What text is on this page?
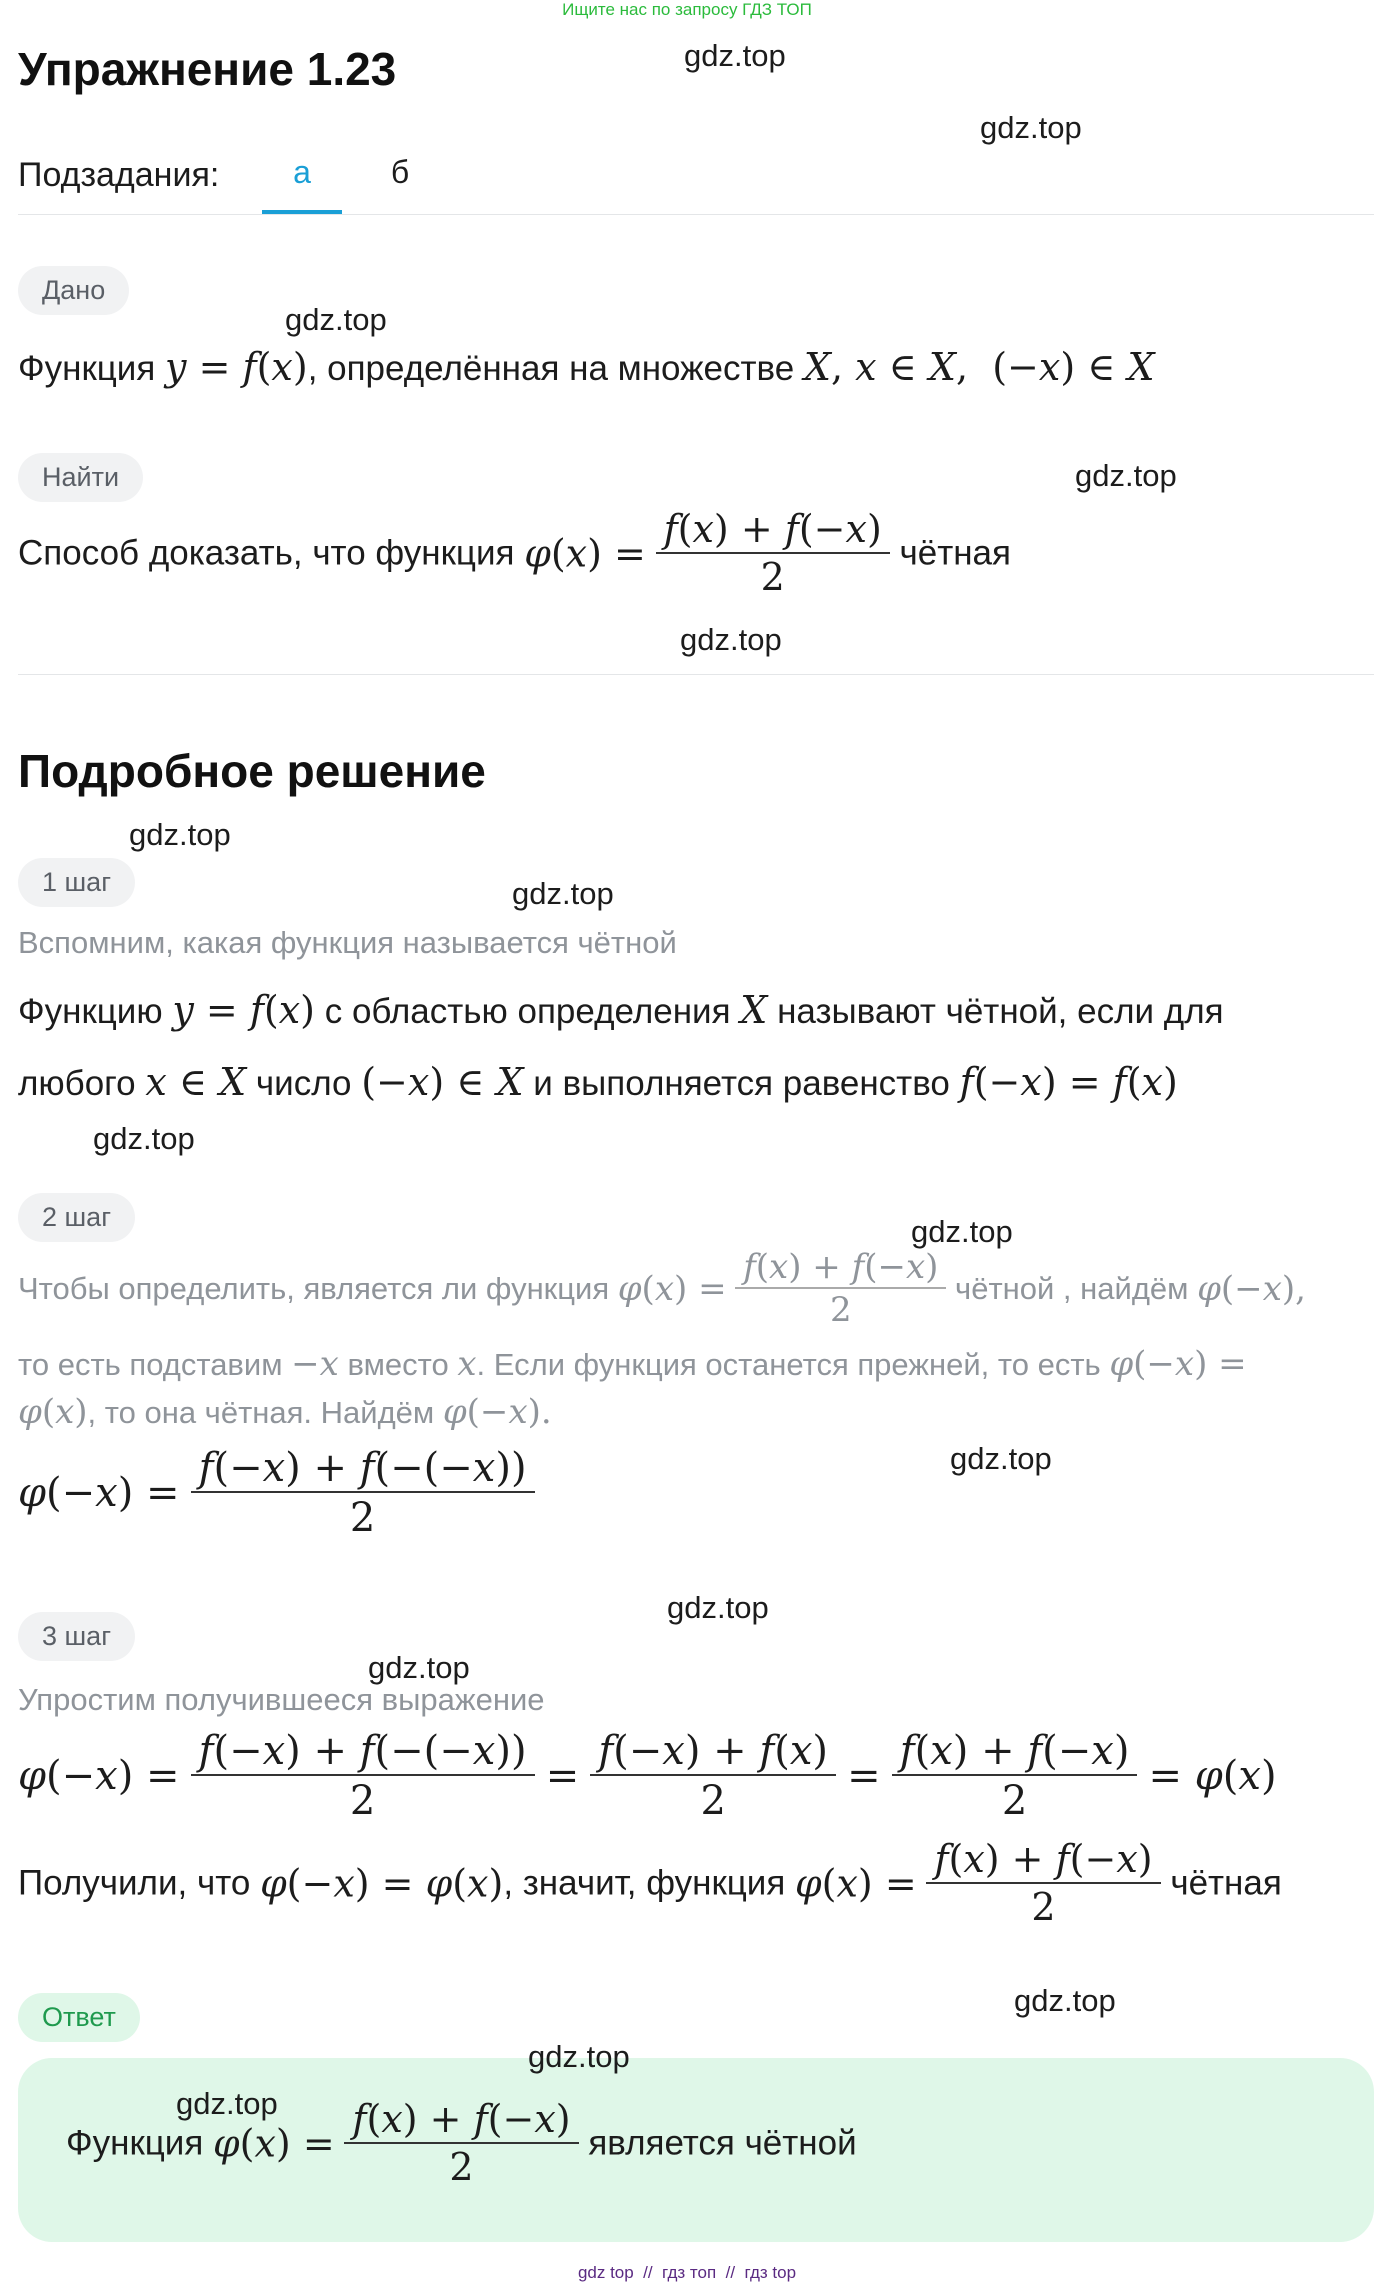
Ищите нас по запросу ГДЗ ТОП
Упражнение 1.23
Подзадания:	а	б
Дано
Функция y = f(x), определённая на множестве X, x ∈ X, (−x) ∈ X
Найти
Способ доказать, что функция $\varphi(x) = \frac{f(x) + f(-x)}{2}$ чётная
Подробное решение
1 шаг
Вспомним, какая функция называется чётной
Функцию y = f(x) с областью определения X называют чётной, если для
любого x ∈ X число (−x) ∈ X и выполняется равенство f(−x) = f(x)
2 шаг
Чтобы определить, является ли функция $\varphi(x) = \frac{f(x) + f(-x)}{2}$ чётной , найдём φ(−x),
то есть подставим −x вместо x. Если функция останется прежней, то есть φ(−x) =
φ(x), то она чётная. Найдём φ(−x).
$\varphi(-x) = \frac{f(-x) + f(-(-x))}{2}$
3 шаг
Упростим получившееся выражение
$\varphi(-x) = \frac{f(-x) + f(-(-x))}{2} = \frac{f(-x) + f(x)}{2} = \frac{f(x) + f(-x)}{2} = \varphi(x)$
Получили, что φ(−x) = φ(x), значит, функция $\varphi(x) = \frac{f(x) + f(-x)}{2}$ чётная
Ответ
Функция $\varphi(x) = \frac{f(x) + f(-x)}{2}$ является чётной
gdz top  //  гдз топ  //  гдз top
gdz.top
gdz.top
gdz.top
gdz.top
gdz.top
gdz.top
gdz.top
gdz.top
gdz.top
gdz.top
gdz.top
gdz.top
gdz.top
gdz.top
gdz.top
